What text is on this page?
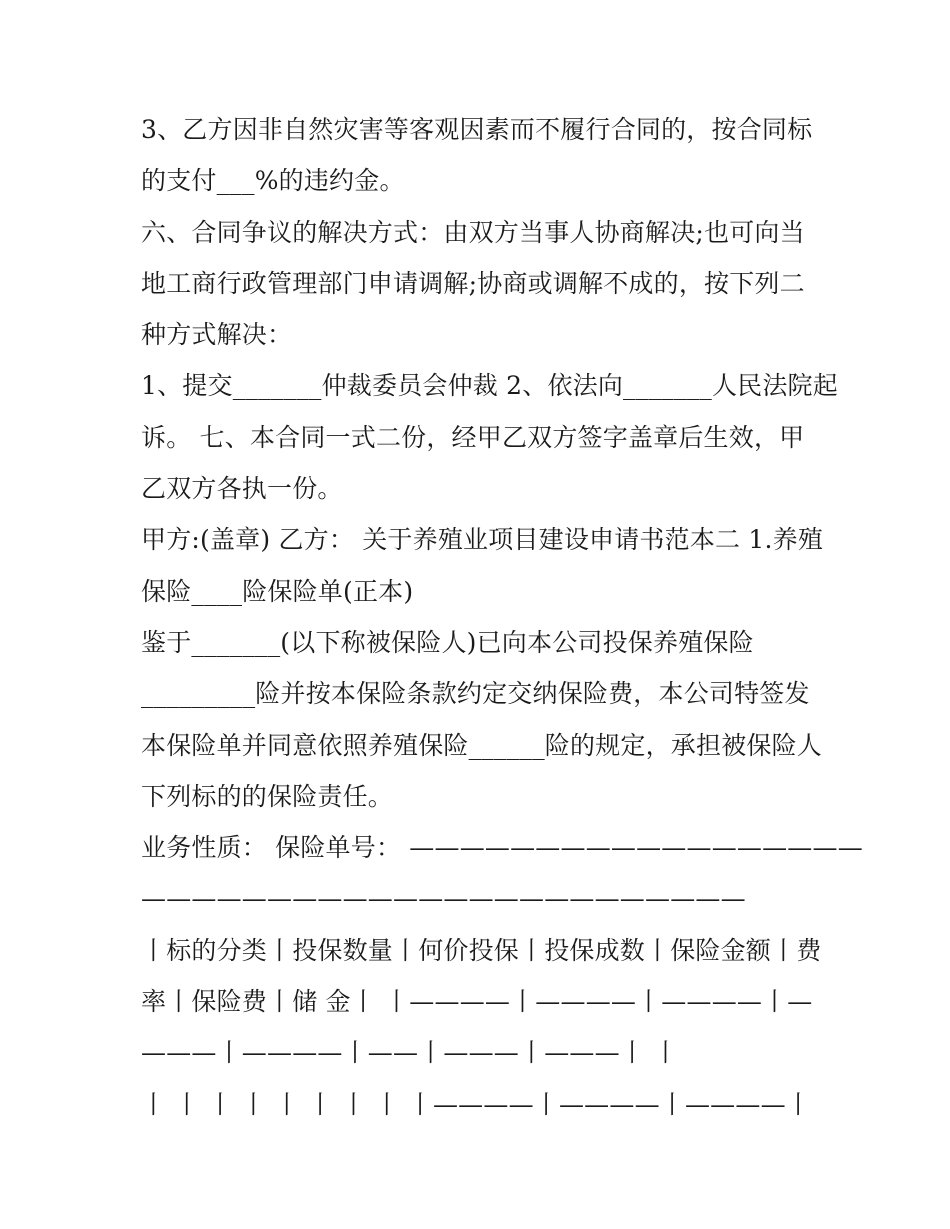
3、乙方因非自然灾害等客观因素而不履行合同的，按合同标
的支付___%的违约金。
六、合同争议的解决方式：由双方当事人协商解决;也可向当
地工商行政管理部门申请调解;协商或调解不成的，按下列二
种方式解决：
1、提交_______仲裁委员会仲裁 2、依法向_______人民法院起
诉。 七、本合同一式二份，经甲乙双方签字盖章后生效，甲
乙双方各执一份。
甲方:(盖章) 乙方： 关于养殖业项目建设申请书范本二 1.养殖
保险____险保险单(正本)
鉴于_______(以下称被保险人)已向本公司投保养殖保险
_________险并按本保险条款约定交纳保险费，本公司特签发
本保险单并同意依照养殖保险______险的规定，承担被保险人
下列标的的保险责任。
业务性质： 保险单号： ——————————————————
————————————————————————
丨标的分类丨投保数量丨何价投保丨投保成数丨保险金额丨费
率丨保险费丨储 金丨 丨————丨————丨————丨—
———丨————丨——丨———丨———丨 丨
丨 丨 丨 丨 丨 丨 丨 丨 丨————丨————丨————丨
